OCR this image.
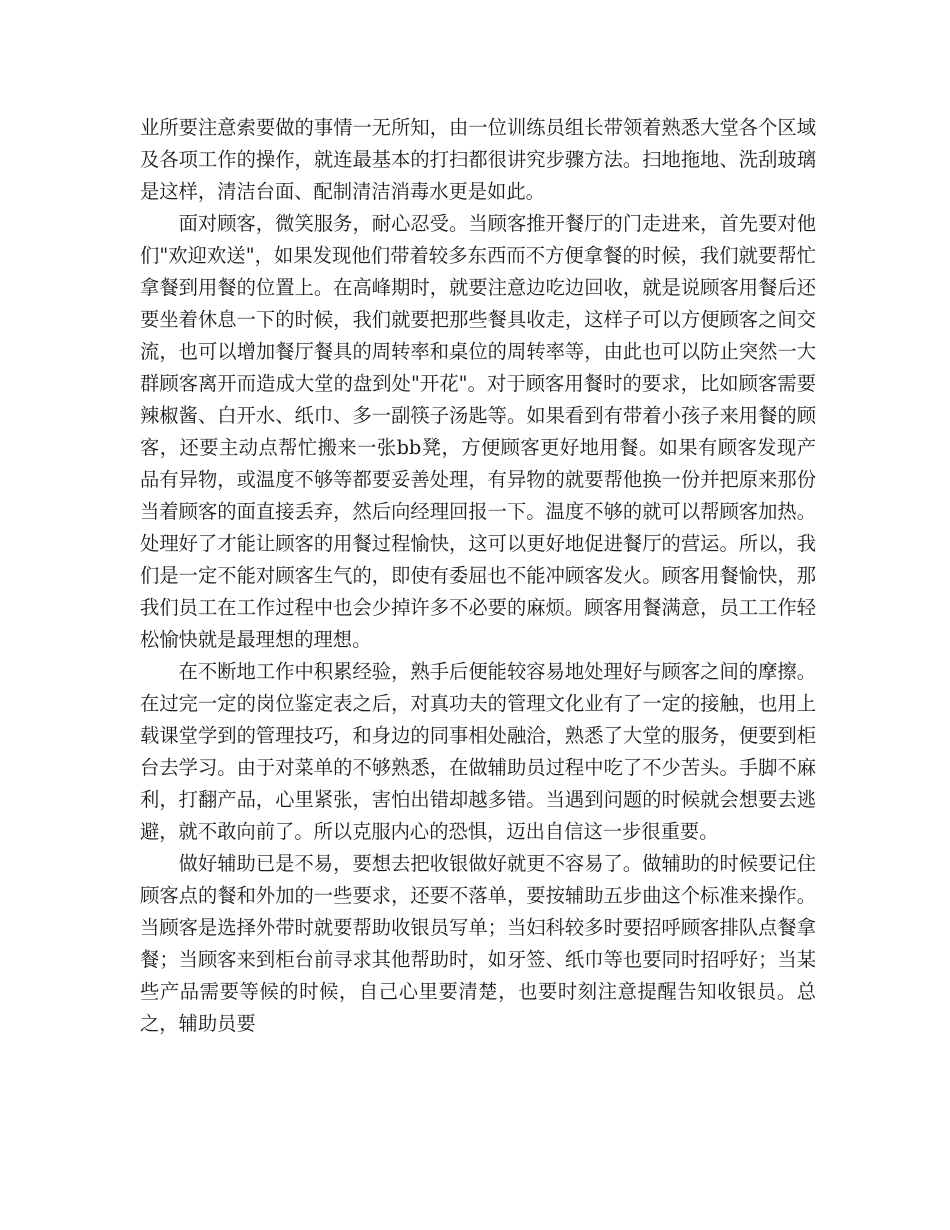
业所要注意索要做的事情一无所知，由一位训练员组长带领着熟悉大堂各个区域及各项工作的操作，就连最基本的打扫都很讲究步骤方法。扫地拖地、洗刮玻璃是这样，清洁台面、配制清洁消毒水更是如此。

面对顾客，微笑服务，耐心忍受。当顾客推开餐厅的门走进来，首先要对他们"欢迎欢送"，如果发现他们带着较多东西而不方便拿餐的时候，我们就要帮忙拿餐到用餐的位置上。在高峰期时，就要注意边吃边回收，就是说顾客用餐后还要坐着休息一下的时候，我们就要把那些餐具收走，这样子可以方便顾客之间交流，也可以增加餐厅餐具的周转率和桌位的周转率等，由此也可以防止突然一大群顾客离开而造成大堂的盘到处"开花"。对于顾客用餐时的要求，比如顾客需要辣椒酱、白开水、纸巾、多一副筷子汤匙等。如果看到有带着小孩子来用餐的顾客，还要主动点帮忙搬来一张bb凳，方便顾客更好地用餐。如果有顾客发现产品有异物，或温度不够等都要妥善处理，有异物的就要帮他换一份并把原来那份当着顾客的面直接丢弃，然后向经理回报一下。温度不够的就可以帮顾客加热。处理好了才能让顾客的用餐过程愉快，这可以更好地促进餐厅的营运。所以，我们是一定不能对顾客生气的，即使有委屈也不能冲顾客发火。顾客用餐愉快，那我们员工在工作过程中也会少掉许多不必要的麻烦。顾客用餐满意，员工工作轻松愉快就是最理想的理想。

在不断地工作中积累经验，熟手后便能较容易地处理好与顾客之间的摩擦。在过完一定的岗位鉴定表之后，对真功夫的管理文化业有了一定的接触，也用上载课堂学到的管理技巧，和身边的同事相处融洽，熟悉了大堂的服务，便要到柜台去学习。由于对菜单的不够熟悉，在做辅助员过程中吃了不少苦头。手脚不麻利，打翻产品，心里紧张，害怕出错却越多错。当遇到问题的时候就会想要去逃避，就不敢向前了。所以克服内心的恐惧，迈出自信这一步很重要。

做好辅助已是不易，要想去把收银做好就更不容易了。做辅助的时候要记住顾客点的餐和外加的一些要求，还要不落单，要按辅助五步曲这个标准来操作。当顾客是选择外带时就要帮助收银员写单；当妇科较多时要招呼顾客排队点餐拿餐；当顾客来到柜台前寻求其他帮助时，如牙签、纸巾等也要同时招呼好；当某些产品需要等候的时候，自己心里要清楚，也要时刻注意提醒告知收银员。总之，辅助员要
